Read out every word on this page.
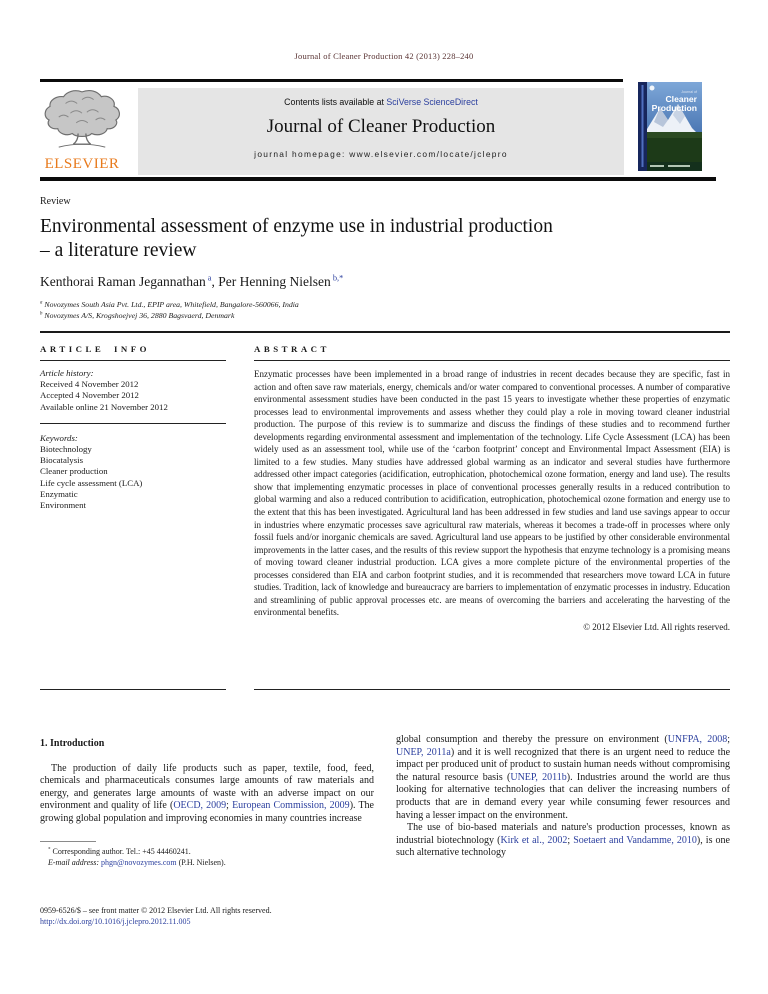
Journal of Cleaner Production 42 (2013) 228–240
ELSEVIER
Contents lists available at SciVerse ScienceDirect
Journal of Cleaner Production
journal homepage: www.elsevier.com/locate/jclepro
Journal of
Cleaner
Production
Review
Environmental assessment of enzyme use in industrial production
– a literature review
Kenthorai Raman Jegannathan $^a$, Per Henning Nielsen $^{b,*}$
$^a$ Novozymes South Asia Pvt. Ltd., EPIP area, Whitefield, Bangalore-560066, India
$^b$ Novozymes A/S, Krogshoejvej 36, 2880 Bagsvaerd, Denmark
ARTICLE INFO
Article history:
Received 4 November 2012
Accepted 4 November 2012
Available online 21 November 2012
Keywords:
Biotechnology
Biocatalysis
Cleaner production
Life cycle assessment (LCA)
Enzymatic
Environment
ABSTRACT
Enzymatic processes have been implemented in a broad range of industries in recent decades because they are specific, fast in action and often save raw materials, energy, chemicals and/or water compared to conventional processes. A number of comparative environmental assessment studies have been conducted in the past 15 years to investigate whether these properties of enzymatic processes lead to environmental improvements and assess whether they could play a role in moving toward cleaner industrial production. The purpose of this review is to summarize and discuss the findings of these studies and to recommend further developments regarding environmental assessment and implementation of the technology. Life Cycle Assessment (LCA) has been widely used as an assessment tool, while use of the ‘carbon footprint’ concept and Environmental Impact Assessment (EIA) is limited to a few studies. Many studies have addressed global warming as an indicator and several studies have furthermore addressed other impact categories (acidification, eutrophication, photochemical ozone formation, energy and land use). The results show that implementing enzymatic processes in place of conventional processes generally results in a reduced contribution to global warming and also a reduced contribution to acidification, eutrophication, photochemical ozone formation and energy use to the extent that this has been investigated. Agricultural land has been addressed in few studies and land use savings appear to occur in industries where enzymatic processes save agricultural raw materials, whereas it becomes a trade-off in processes where only fossil fuels and/or inorganic chemicals are saved. Agricultural land use appears to be justified by other considerable environmental improvements in the latter cases, and the results of this review support the hypothesis that enzyme technology is a promising means of moving toward cleaner industrial production. LCA gives a more complete picture of the environmental properties of the processes considered than EIA and carbon footprint studies, and it is recommended that researchers move toward LCA in future studies. Tradition, lack of knowledge and bureaucracy are barriers to implementation of enzymatic processes in industry. Education and streamlining of public approval processes etc. are means of overcoming the barriers and accelerating the harvesting of the environmental benefits.
© 2012 Elsevier Ltd. All rights reserved.
1. Introduction

The production of daily life products such as paper, textile, food, feed, chemicals and pharmaceuticals consumes large amounts of raw materials and energy, and generates large amounts of waste with an adverse impact on our environment and quality of life (OECD, 2009; European Commission, 2009). The growing global population and improving economies in many countries increase

* Corresponding author. Tel.: +45 44460241.
E-mail address: phgn@novozymes.com (P.H. Nielsen).

global consumption and thereby the pressure on environment (UNFPA, 2008; UNEP, 2011a) and it is well recognized that there is an urgent need to reduce the impact per produced unit of product to sustain human needs without compromising the natural resource basis (UNEP, 2011b). Industries around the world are thus looking for alternative technologies that can deliver the increasing numbers of products that are in demand every year while consuming fewer resources and having a lesser impact on the environment.

The use of bio-based materials and nature's production processes, known as industrial biotechnology (Kirk et al., 2002; Soetaert and Vandamme, 2010), is one such alternative technology

0959-6526/$ – see front matter © 2012 Elsevier Ltd. All rights reserved.
http://dx.doi.org/10.1016/j.jclepro.2012.11.005
